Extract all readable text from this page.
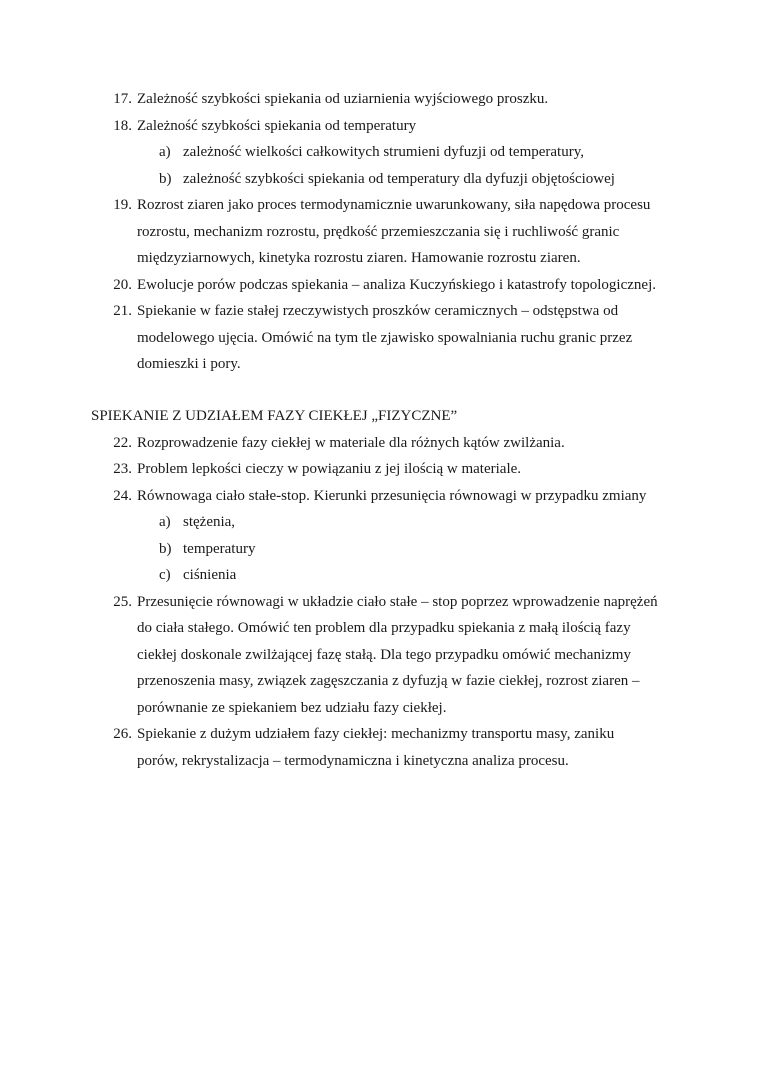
17. Zależność szybkości spiekania od uziarnienia wyjściowego proszku.
18. Zależność szybkości spiekania od temperatury
a) zależność wielkości całkowitych strumieni dyfuzji od temperatury,
b) zależność szybkości spiekania od temperatury dla dyfuzji objętościowej
19. Rozrost ziaren jako proces termodynamicznie uwarunkowany, siła napędowa procesu
rozrostu, mechanizm rozrostu, prędkość przemieszczania się i ruchliwość granic
międzyziarnowych, kinetyka rozrostu ziaren. Hamowanie rozrostu ziaren.
20. Ewolucje porów podczas spiekania – analiza Kuczyńskiego i katastrofy topologicznej.
21. Spiekanie w fazie stałej rzeczywistych proszków ceramicznych – odstępstwa od
modelowego ujęcia. Omówić na tym tle zjawisko spowalniania ruchu granic przez
domieszki i pory.
SPIEKANIE Z UDZIAŁEM FAZY CIEKŁEJ „FIZYCZNE”
22. Rozprowadzenie fazy ciekłej w materiale dla różnych kątów zwilżania.
23. Problem lepkości cieczy w powiązaniu z jej ilością w materiale.
24. Równowaga ciało stałe-stop. Kierunki przesunięcia równowagi w przypadku zmiany
a) stężenia,
b) temperatury
c) ciśnienia
25. Przesunięcie równowagi w układzie ciało stałe – stop poprzez wprowadzenie naprężeń
do ciała stałego. Omówić ten problem dla przypadku spiekania z małą ilością fazy
ciekłej doskonale zwilżającej fazę stałą. Dla tego przypadku omówić mechanizmy
przenoszenia masy, związek zagęszczania z dyfuzją w fazie ciekłej, rozrost ziaren –
porównanie ze spiekaniem bez udziału fazy ciekłej.
26. Spiekanie z dużym udziałem fazy ciekłej: mechanizmy transportu masy, zaniku
porów, rekrystalizacja – termodynamiczna i kinetyczna analiza procesu.
